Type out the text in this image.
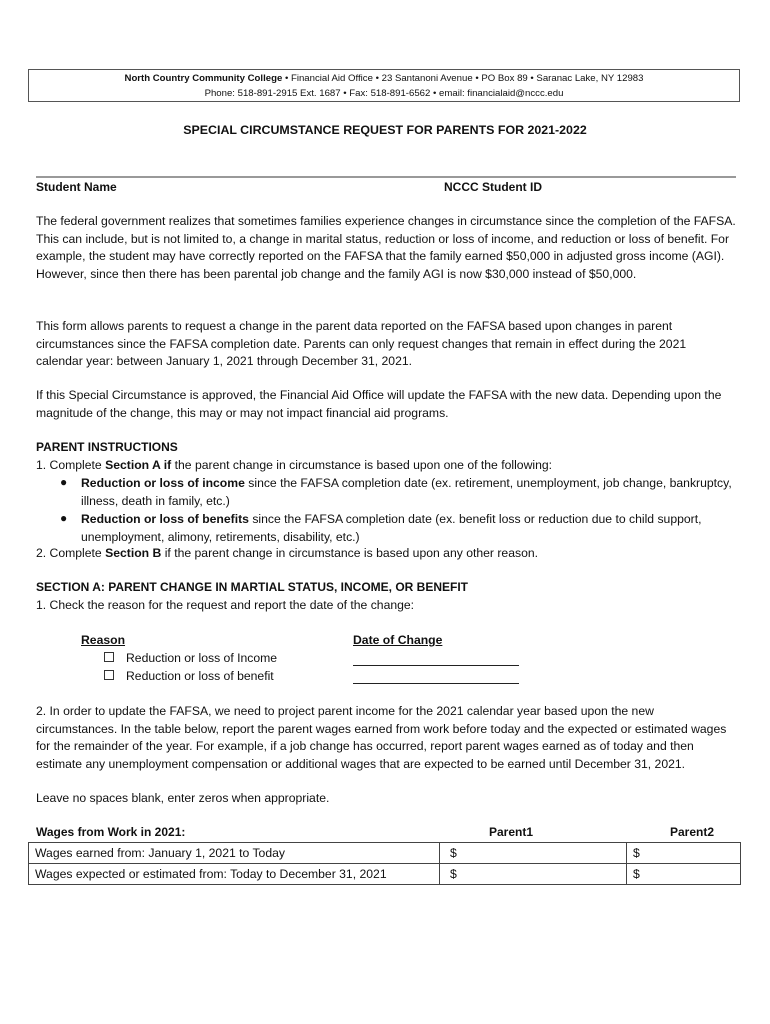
North Country Community College • Financial Aid Office • 23 Santanoni Avenue • PO Box 89 • Saranac Lake, NY 12983
Phone: 518-891-2915 Ext. 1687 • Fax: 518-891-6562 • email: financialaid@nccc.edu
SPECIAL CIRCUMSTANCE REQUEST FOR PARENTS FOR 2021-2022
Student Name	NCCC Student ID

The federal government realizes that sometimes families experience changes in circumstance since the completion of the FAFSA. This can include, but is not limited to, a change in marital status, reduction or loss of income, and reduction or loss of benefit. For example, the student may have correctly reported on the FAFSA that the family earned $50,000 in adjusted gross income (AGI). However, since then there has been parental job change and the family AGI is now $30,000 instead of $50,000.

This form allows parents to request a change in the parent data reported on the FAFSA based upon changes in parent circumstances since the FAFSA completion date. Parents can only request changes that remain in effect during the 2021 calendar year: between January 1, 2021 through December 31, 2021.

If this Special Circumstance is approved, the Financial Aid Office will update the FAFSA with the new data. Depending upon the magnitude of the change, this may or may not impact financial aid programs.

PARENT INSTRUCTIONS
1. Complete Section A if the parent change in circumstance is based upon one of the following:
● Reduction or loss of income since the FAFSA completion date (ex. retirement, unemployment, job change, bankruptcy, illness, death in family, etc.)
● Reduction or loss of benefits since the FAFSA completion date (ex. benefit loss or reduction due to child support, unemployment, alimony, retirements, disability, etc.)
2. Complete Section B if the parent change in circumstance is based upon any other reason.
SECTION A: PARENT CHANGE IN MARTIAL STATUS, INCOME, OR BENEFIT
1. Check the reason for the request and report the date of the change:
Reason	Date of Change
Reduction or loss of Income
Reduction or loss of benefit

2. In order to update the FAFSA, we need to project parent income for the 2021 calendar year based upon the new circumstances. In the table below, report the parent wages earned from work before today and the expected or estimated wages for the remainder of the year. For example, if a job change has occurred, report parent wages earned as of today and then estimate any unemployment compensation or additional wages that are expected to be earned until December 31, 2021.

Leave no spaces blank, enter zeros when appropriate.
Wages from Work in 2021:	Parent1	Parent2
Wages earned from: January 1, 2021 to Today	$	$
Wages expected or estimated from: Today to December 31, 2021	$	$
